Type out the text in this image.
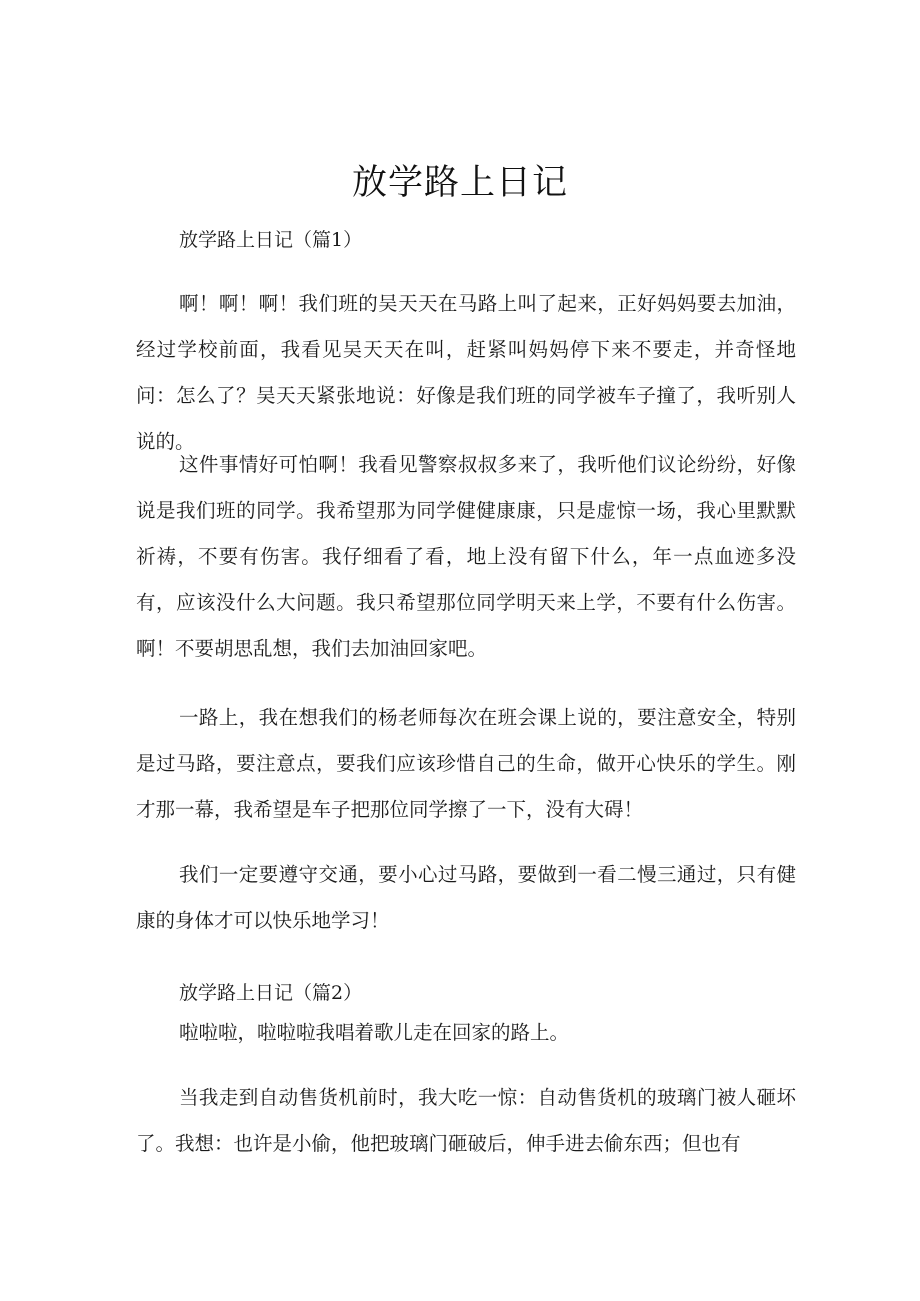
放学路上日记
放学路上日记（篇1）
啊！啊！啊！我们班的吴天天在马路上叫了起来，正好妈妈要去加油，经过学校前面，我看见吴天天在叫，赶紧叫妈妈停下来不要走，并奇怪地问：怎么了？吴天天紧张地说：好像是我们班的同学被车子撞了，我听别人说的。
这件事情好可怕啊！我看见警察叔叔多来了，我听他们议论纷纷，好像说是我们班的同学。我希望那为同学健健康康，只是虚惊一场，我心里默默祈祷，不要有伤害。我仔细看了看，地上没有留下什么，年一点血迹多没有，应该没什么大问题。我只希望那位同学明天来上学，不要有什么伤害。啊！不要胡思乱想，我们去加油回家吧。
一路上，我在想我们的杨老师每次在班会课上说的，要注意安全，特别是过马路，要注意点，要我们应该珍惜自己的生命，做开心快乐的学生。刚才那一幕，我希望是车子把那位同学擦了一下，没有大碍！
我们一定要遵守交通，要小心过马路，要做到一看二慢三通过，只有健康的身体才可以快乐地学习！
放学路上日记（篇2）
啦啦啦，啦啦啦我唱着歌儿走在回家的路上。
当我走到自动售货机前时，我大吃一惊：自动售货机的玻璃门被人砸坏了。我想：也许是小偷，他把玻璃门砸破后，伸手进去偷东西；但也有
